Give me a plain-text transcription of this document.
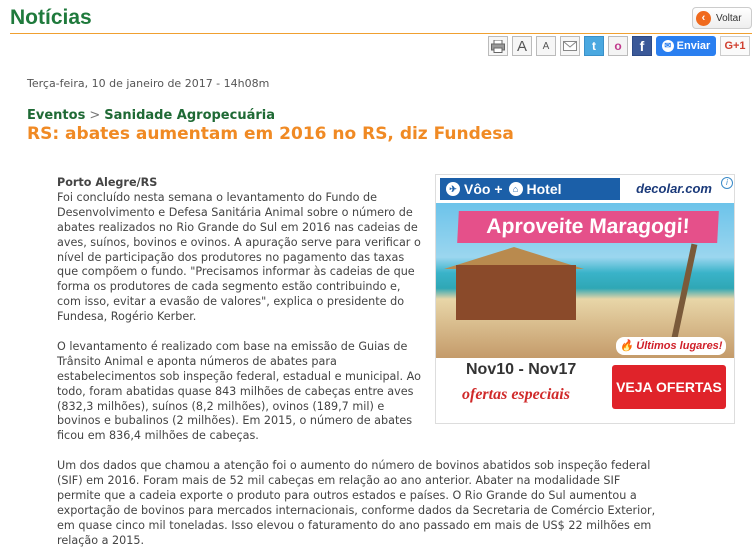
Notícias	‹	Voltar
A	A	t	o	f	✉ Enviar	G+1
Terça-feira, 10 de janeiro de 2017 - 14h08m
Eventos > Sanidade Agropecuária
RS: abates aumentam em 2016 no RS, diz Fundesa
Porto Alegre/RS

Foi concluído nesta semana o levantamento do Fundo de Desenvolvimento e Defesa Sanitária Animal sobre o número de abates realizados no Rio Grande do Sul em 2016 nas cadeias de aves, suínos, bovinos e ovinos. A apuração serve para verificar o nível de participação dos produtores no pagamento das taxas que compõem o fundo. "Precisamos informar às cadeias de que forma os produtores de cada segmento estão contribuindo e, com isso, evitar a evasão de valores", explica o presidente do Fundesa, Rogério Kerber.

O levantamento é realizado com base na emissão de Guias de Trânsito Animal e aponta números de abates para estabelecimentos sob inspeção federal, estadual e municipal. Ao todo, foram abatidas quase 843 milhões de cabeças entre aves (832,3 milhões), suínos (8,2 milhões), ovinos (189,7 mil) e bovinos e bubalinos (2 milhões). Em 2015, o número de abates ficou em 836,4 milhões de cabeças.

Um dos dados que chamou a atenção foi o aumento do número de bovinos abatidos sob inspeção federal (SIF) em 2016. Foram mais de 52 mil cabeças em relação ao ano anterior. Abater na modalidade SIF permite que a cadeia exporte o produto para outros estados e países. O Rio Grande do Sul aumentou a exportação de bovinos para mercados internacionais, conforme dados da Secretaria de Comércio Exterior, em quase cinco mil toneladas. Isso elevou o faturamento do ano passado em mais de US$ 22 milhões em relação a 2015.

✈ Vôo +	⌂ Hotel	decolar.com	i
Aproveite Maragogi!
🔥 Últimos lugares!
Nov10 - Nov17
ofertas especiais	VEJA OFERTAS
